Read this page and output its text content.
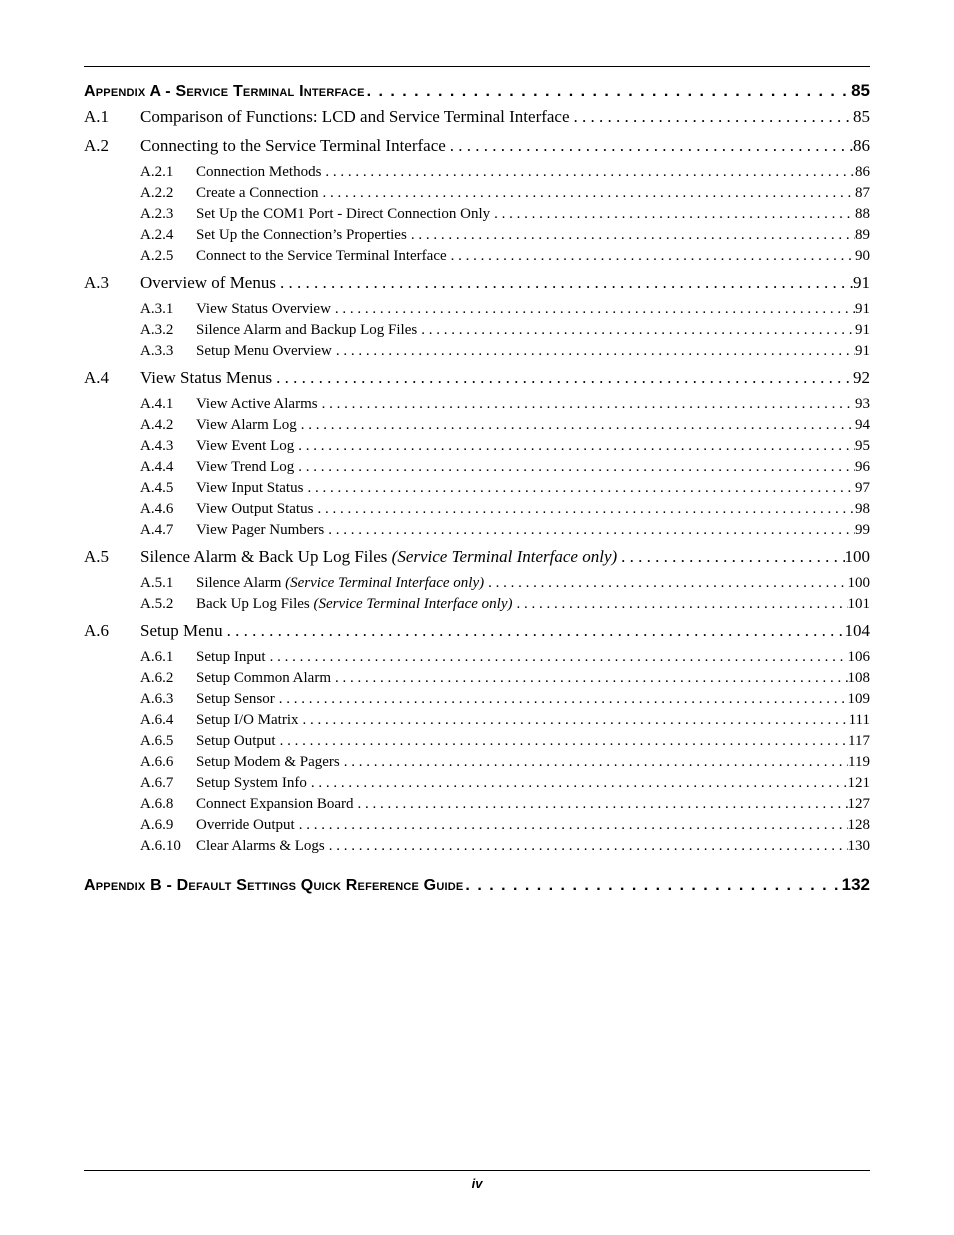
Appendix A - Service Terminal Interface . . .	85
A.1	Comparison of Functions: LCD and Service Terminal Interface . . .	85
A.2	Connecting to the Service Terminal Interface . . .	86
A.2.1	Connection Methods . . .	86
A.2.2	Create a Connection . . .	87
A.2.3	Set Up the COM1 Port - Direct Connection Only . . .	88
A.2.4	Set Up the Connection’s Properties . . .	89
A.2.5	Connect to the Service Terminal Interface . . .	90
A.3	Overview of Menus . . .	91
A.3.1	View Status Overview . . .	91
A.3.2	Silence Alarm and Backup Log Files . . .	91
A.3.3	Setup Menu Overview . . .	91
A.4	View Status Menus . . .	92
A.4.1	View Active Alarms . . .	93
A.4.2	View Alarm Log . . .	94
A.4.3	View Event Log . . .	95
A.4.4	View Trend Log . . .	96
A.4.5	View Input Status . . .	97
A.4.6	View Output Status . . .	98
A.4.7	View Pager Numbers . . .	99
A.5	Silence Alarm & Back Up Log Files (Service Terminal Interface only) . . .	100
A.5.1	Silence Alarm (Service Terminal Interface only) . . .	100
A.5.2	Back Up Log Files (Service Terminal Interface only) . . .	101
A.6	Setup Menu . . .	104
A.6.1	Setup Input . . .	106
A.6.2	Setup Common Alarm . . .	108
A.6.3	Setup Sensor . . .	109
A.6.4	Setup I/O Matrix . . .	111
A.6.5	Setup Output . . .	117
A.6.6	Setup Modem & Pagers . . .	119
A.6.7	Setup System Info . . .	121
A.6.8	Connect Expansion Board . . .	127
A.6.9	Override Output . . .	128
A.6.10	Clear Alarms & Logs . . .	130
Appendix B - Default Settings Quick Reference Guide . . .	132
iv
